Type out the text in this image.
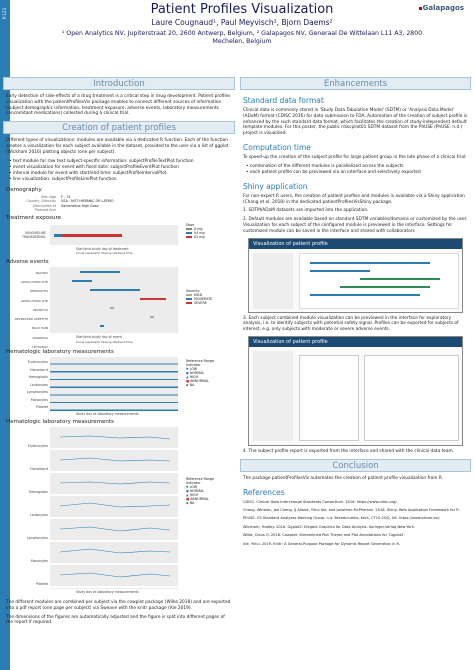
P-123	Patient Profiles Visualization
Laure Cougnaud¹, Paul Meyvisch², Bjorn Daems²
¹ Open Analytics NV, Jupiterstraat 20, 2600 Antwerp, Belgium, ² Galapagos NV, Generaal De Wittelaan L11 A3, 2800
Mechelen, Belgium
Galapagos
Introduction
Early detection of side-effects of a drug treatment is a critical step in drug development. Patient profiles visualization with the patientProfilesVis package enables to connect different sources of information (subject demographic information, treatment exposure, adverse events, laboratory measurements concomitant medications) collected during a clinical trial.
Creation of patient profiles
Different types of visualizations: modules are available via a dedicated R function. Each of the function creates a visualization for each subject available in the dataset, provided to the user via a list of ggplot (Wickham 2016) plotting objects (one per subject).
• text module for raw text subject-specific information: subjectProfileTextPlot function
• event visualization for event with fixed date: subjectProfileEventPlot function
• interval module for event with start/end time: subjectProfileIntervalPlot
• line visualization: subjectProfileLinePlot function
Demography
Site: Age
Country, Ethnicity
Description of Planned Arm
F - 74
USA - NOT HISPANIC OR LATINO
Xanomeline High Dose
Treatment exposure
XANOMELINE TRANSDERMAL
Start/end study day of treatment
Arrow represents missing start/end time.
Dose
0 mg
54 mg
81 mg
Adverse events
NAUSEA
APPLICATION SITE DERMATITIS
APPLICATION SITE PRURITUS
DECREASED APPETITE
BACK PAIN
ANOREXIA
LETHARGY
Start/end study day of event
Arrow represents missing start/end time.
Severity
MILD
MODERATE
SEVERE
Hematologic laboratory measurements
Erythrocytes
Hematocrit
Hemoglobin
Leukocytes
Lymphocytes
Monocytes
Platelet
Study day of laboratory measurements
Reference Range Indicator
▼ LOW
● NORMAL
▲ HIGH
■ ABNORMAL
◆ NA
Hematologic laboratory measurements
Erythrocytes
Hematocrit
Hemoglobin
Leukocytes
Lymphocytes
Monocytes
Platelet
Study day of laboratory measurements
Reference Range Indicator
▼ LOW
● NORMAL
▲ HIGH
■ ABNORMAL
◆ NA
The different modules are combined per subject via the cowplot package (Wilke 2018) and are exported into a pdf report (one page per subject) via Sweave with the knitr package (Xie 2019).
The dimensions of the figures are automatically adjusted and the figure is split into different pages of the report if required.
Enhancements
Standard data format
Clinical data is commonly stored in 'Study Data Tabulation Model' (SDTM) or 'Analysis Data Model' (ADaM) format (CDISC 2016) for data submission to FDA. Automation of the creation of subject profile is enhanced by the such standard data format, which facilitates the creation of study-independent default template modules. For this poster, the public rdiscpilot01 SDTM dataset from the PhUSE (PhUSE. n.d.) project is visualized.
Computation time
To speed-up the creation of the subject profile for large patient group in the late phase of a clinical trial:
• combination of the different modules is parallelized across the subjects
• each patient profile can be previewed via an interface and selectively exported
Shiny application
For non-expert R users, the creation of patient profiles and modules is available via a Shiny application (Chang et al. 2018) in the dedicated patientProfilesVisShiny package.
1. SDTM/ADaM datasets are imported into the application.
2. Default modules are available based on standard SDTM variables/domains or customized by the user. Visualization for each subject of the configured module is previewed in the interface. Settings for customized module can be saved in the interface and shared with collaborators
Visualization of patient profile
3. Each subject combined module visualization can be previewed in the interface for exploratory analysis, i.e. to identify subjects with potential safety signal. Profiles can be exported for subjects of interest, e.g. only subjects with moderate or severe adverse events.
Visualization of patient profile
4. The subject profile report is exported from the interface and shared with the clinical data team.
Conclusion
The package patientProfilesVis automates the creation of patient profile visualization from R.
References
CDISC. Clinical Data Interchange Standards Consortium. 2016. https://www.cdisc.org/.
Chang, Winston, Joe Cheng, JJ Allaire, Yihui Xie, and Jonathan McPherson. 2018. Shiny: Web Application Framework for R.
PhUSE. CS Standard Analyses Working Group. n.d. Breadcrumbs, Kent, CT10 2QQ, UK. https://www.phuse.eu/.
Wickham, Hadley. 2016. Ggplot2: Elegant Graphics for Data Analysis. Springer-Verlag New York.
Wilke, Claus O. 2018. Cowplot: Streamlined Plot Theme and Plot Annotations for 'Ggplot2'.
Xie, Yihui. 2019. Knitr: A General-Purpose Package for Dynamic Report Generation in R.
